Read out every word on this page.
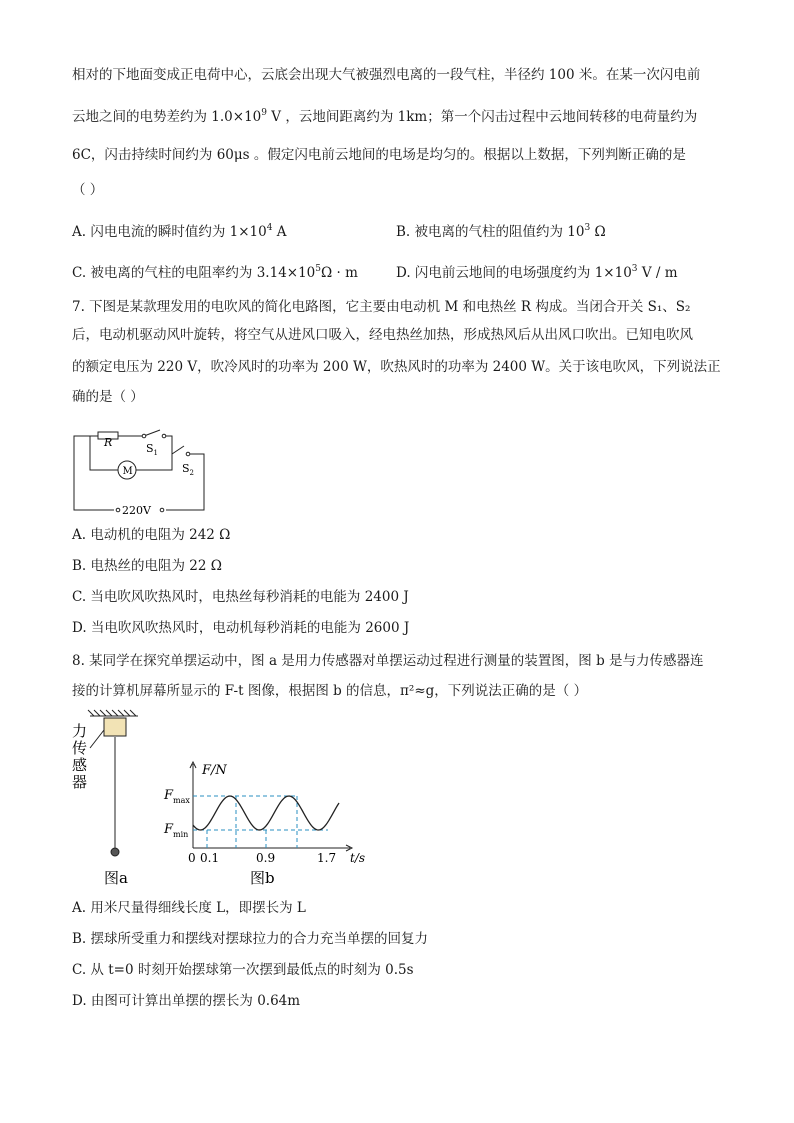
相对的下地面变成正电荷中心，云底会出现大气被强烈电离的一段气柱，半径约 100 米。在某一次闪电前
云地之间的电势差约为 $1.0\times 10^9$ V ，云地间距离约为 1km；第一个闪击过程中云地间转移的电荷量约为
6C，闪击持续时间约为 60μs 。假定闪电前云地间的电场是均匀的。根据以上数据，下列判断正确的是
（ ）
A. 闪电电流的瞬时值约为 $1\times 10^4$ A	B. 被电离的气柱的阻值约为 $10^3$ Ω
C. 被电离的气柱的电阻率约为 $3.14\times 10^5\Omega \cdot m$	D. 闪电前云地间的电场强度约为 $1\times 10^3$ V / m
7. 下图是某款理发用的电吹风的简化电路图，它主要由电动机 M 和电热丝 R 构成。当闭合开关 S₁、S₂
后，电动机驱动风叶旋转，将空气从进风口吸入，经电热丝加热，形成热风后从出风口吹出。已知电吹风
的额定电压为 220 V，吹冷风时的功率为 200 W，吹热风时的功率为 2400 W。关于该电吹风，下列说法正
确的是（ ）
R	$S_1$
$S_2$
M
220V
A. 电动机的电阻为 242 Ω
B. 电热丝的电阻为 22 Ω
C. 当电吹风吹热风时，电热丝每秒消耗的电能为 2400 J
D. 当电吹风吹热风时，电动机每秒消耗的电能为 2600 J
8. 某同学在探究单摆运动中，图 a 是用力传感器对单摆运动过程进行测量的装置图，图 b 是与力传感器连
接的计算机屏幕所显示的 F-t 图像，根据图 b 的信息，π²≈g，下列说法正确的是（ ）
力
传
感
器
图a
F/N
$F_{max}$
$F_{min}$
0 0.1	0.9	1.7 t/s
图b
A. 用米尺量得细线长度 L，即摆长为 L
B. 摆球所受重力和摆线对摆球拉力的合力充当单摆的回复力
C. 从 t=0 时刻开始摆球第一次摆到最低点的时刻为 0.5s
D. 由图可计算出单摆的摆长为 0.64m
